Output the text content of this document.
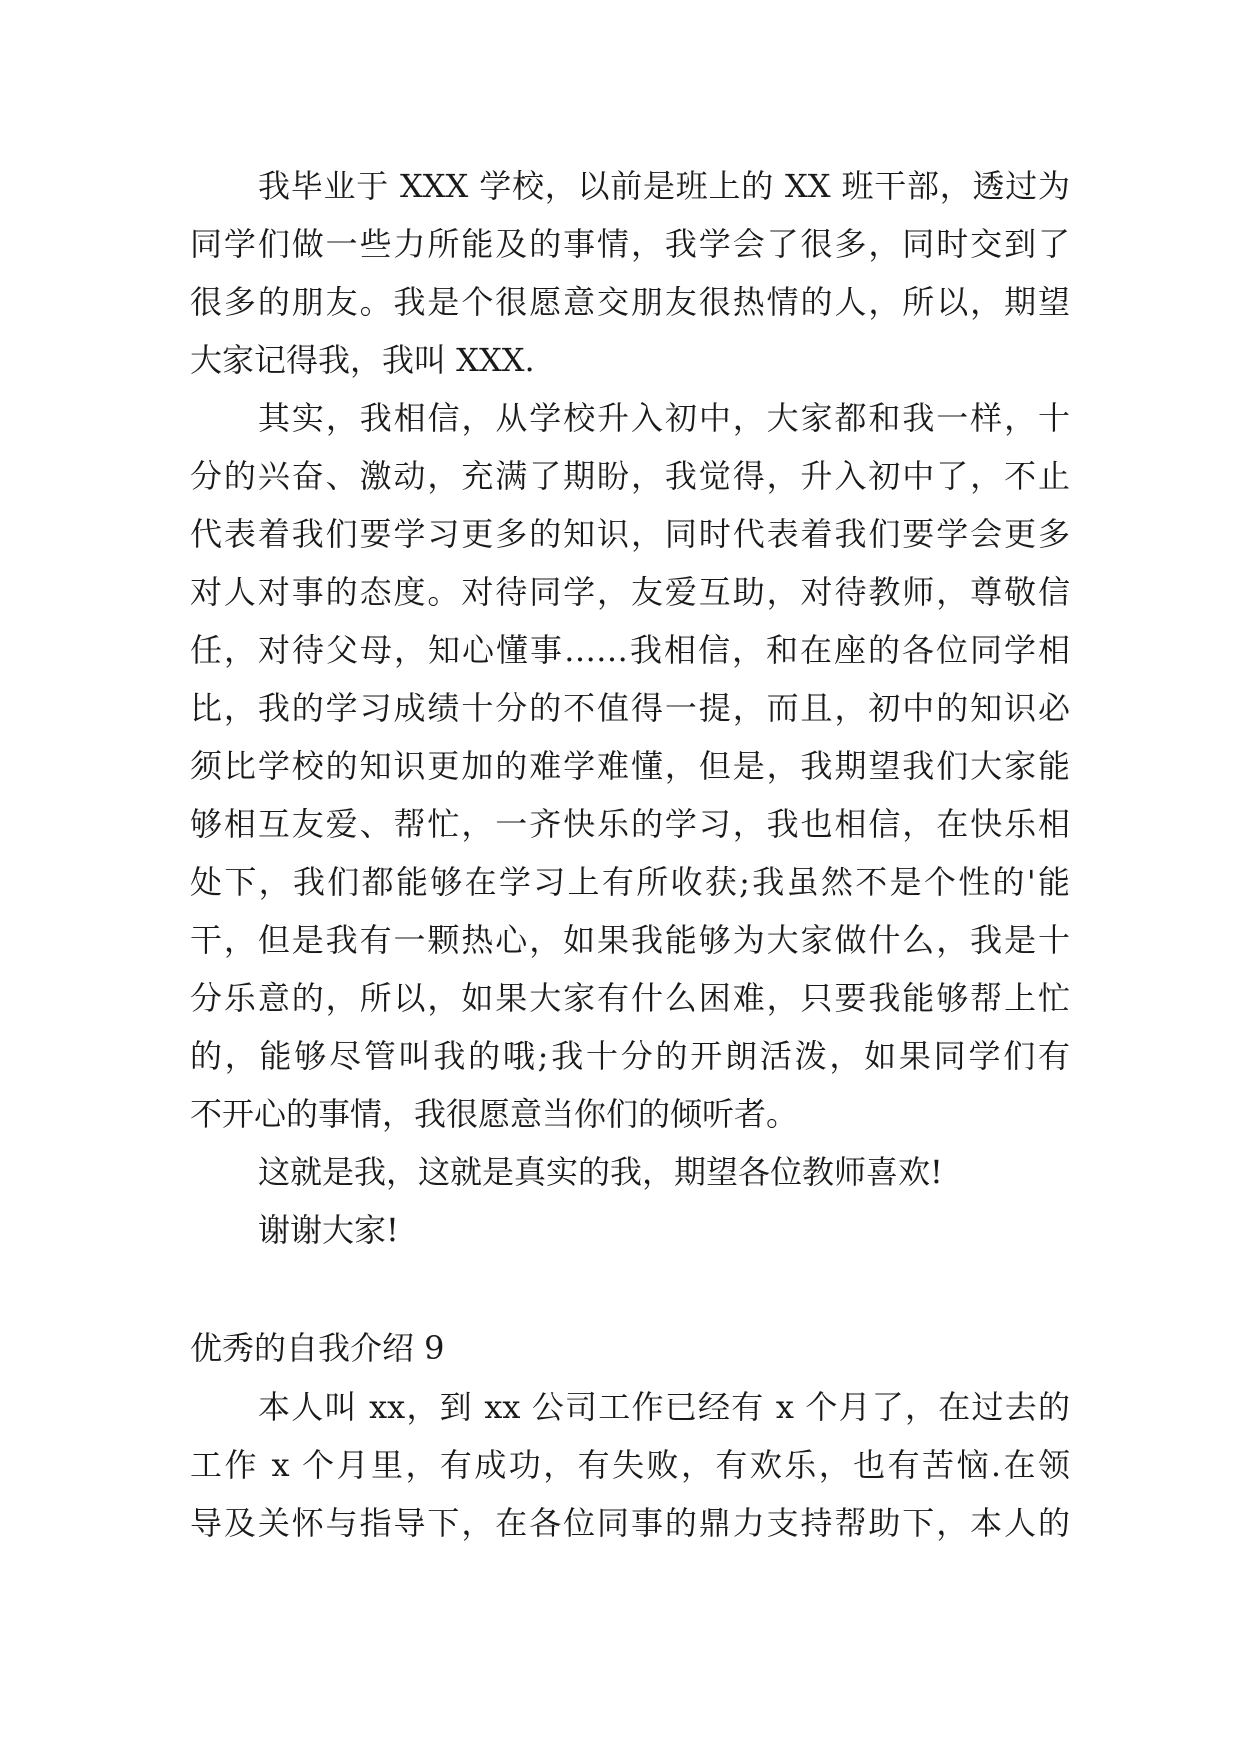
我毕业于 XXX 学校，以前是班上的 XX 班干部，透过为
同学们做一些力所能及的事情，我学会了很多，同时交到了
很多的朋友。我是个很愿意交朋友很热情的人，所以，期望
大家记得我，我叫 XXX.
其实，我相信，从学校升入初中，大家都和我一样，十
分的兴奋、激动，充满了期盼，我觉得，升入初中了，不止
代表着我们要学习更多的知识，同时代表着我们要学会更多
对人对事的态度。对待同学，友爱互助，对待教师，尊敬信
任，对待父母，知心懂事……我相信，和在座的各位同学相
比，我的学习成绩十分的不值得一提，而且，初中的知识必
须比学校的知识更加的难学难懂，但是，我期望我们大家能
够相互友爱、帮忙，一齐快乐的学习，我也相信，在快乐相
处下，我们都能够在学习上有所收获;我虽然不是个性的'能
干，但是我有一颗热心，如果我能够为大家做什么，我是十
分乐意的，所以，如果大家有什么困难，只要我能够帮上忙
的，能够尽管叫我的哦;我十分的开朗活泼，如果同学们有
不开心的事情，我很愿意当你们的倾听者。
这就是我，这就是真实的我，期望各位教师喜欢!
谢谢大家!
优秀的自我介绍 9
本人叫 xx，到 xx 公司工作已经有 x 个月了，在过去的
工作 x 个月里，有成功，有失败，有欢乐，也有苦恼.在领
导及关怀与指导下，在各位同事的鼎力支持帮助下，本人的
